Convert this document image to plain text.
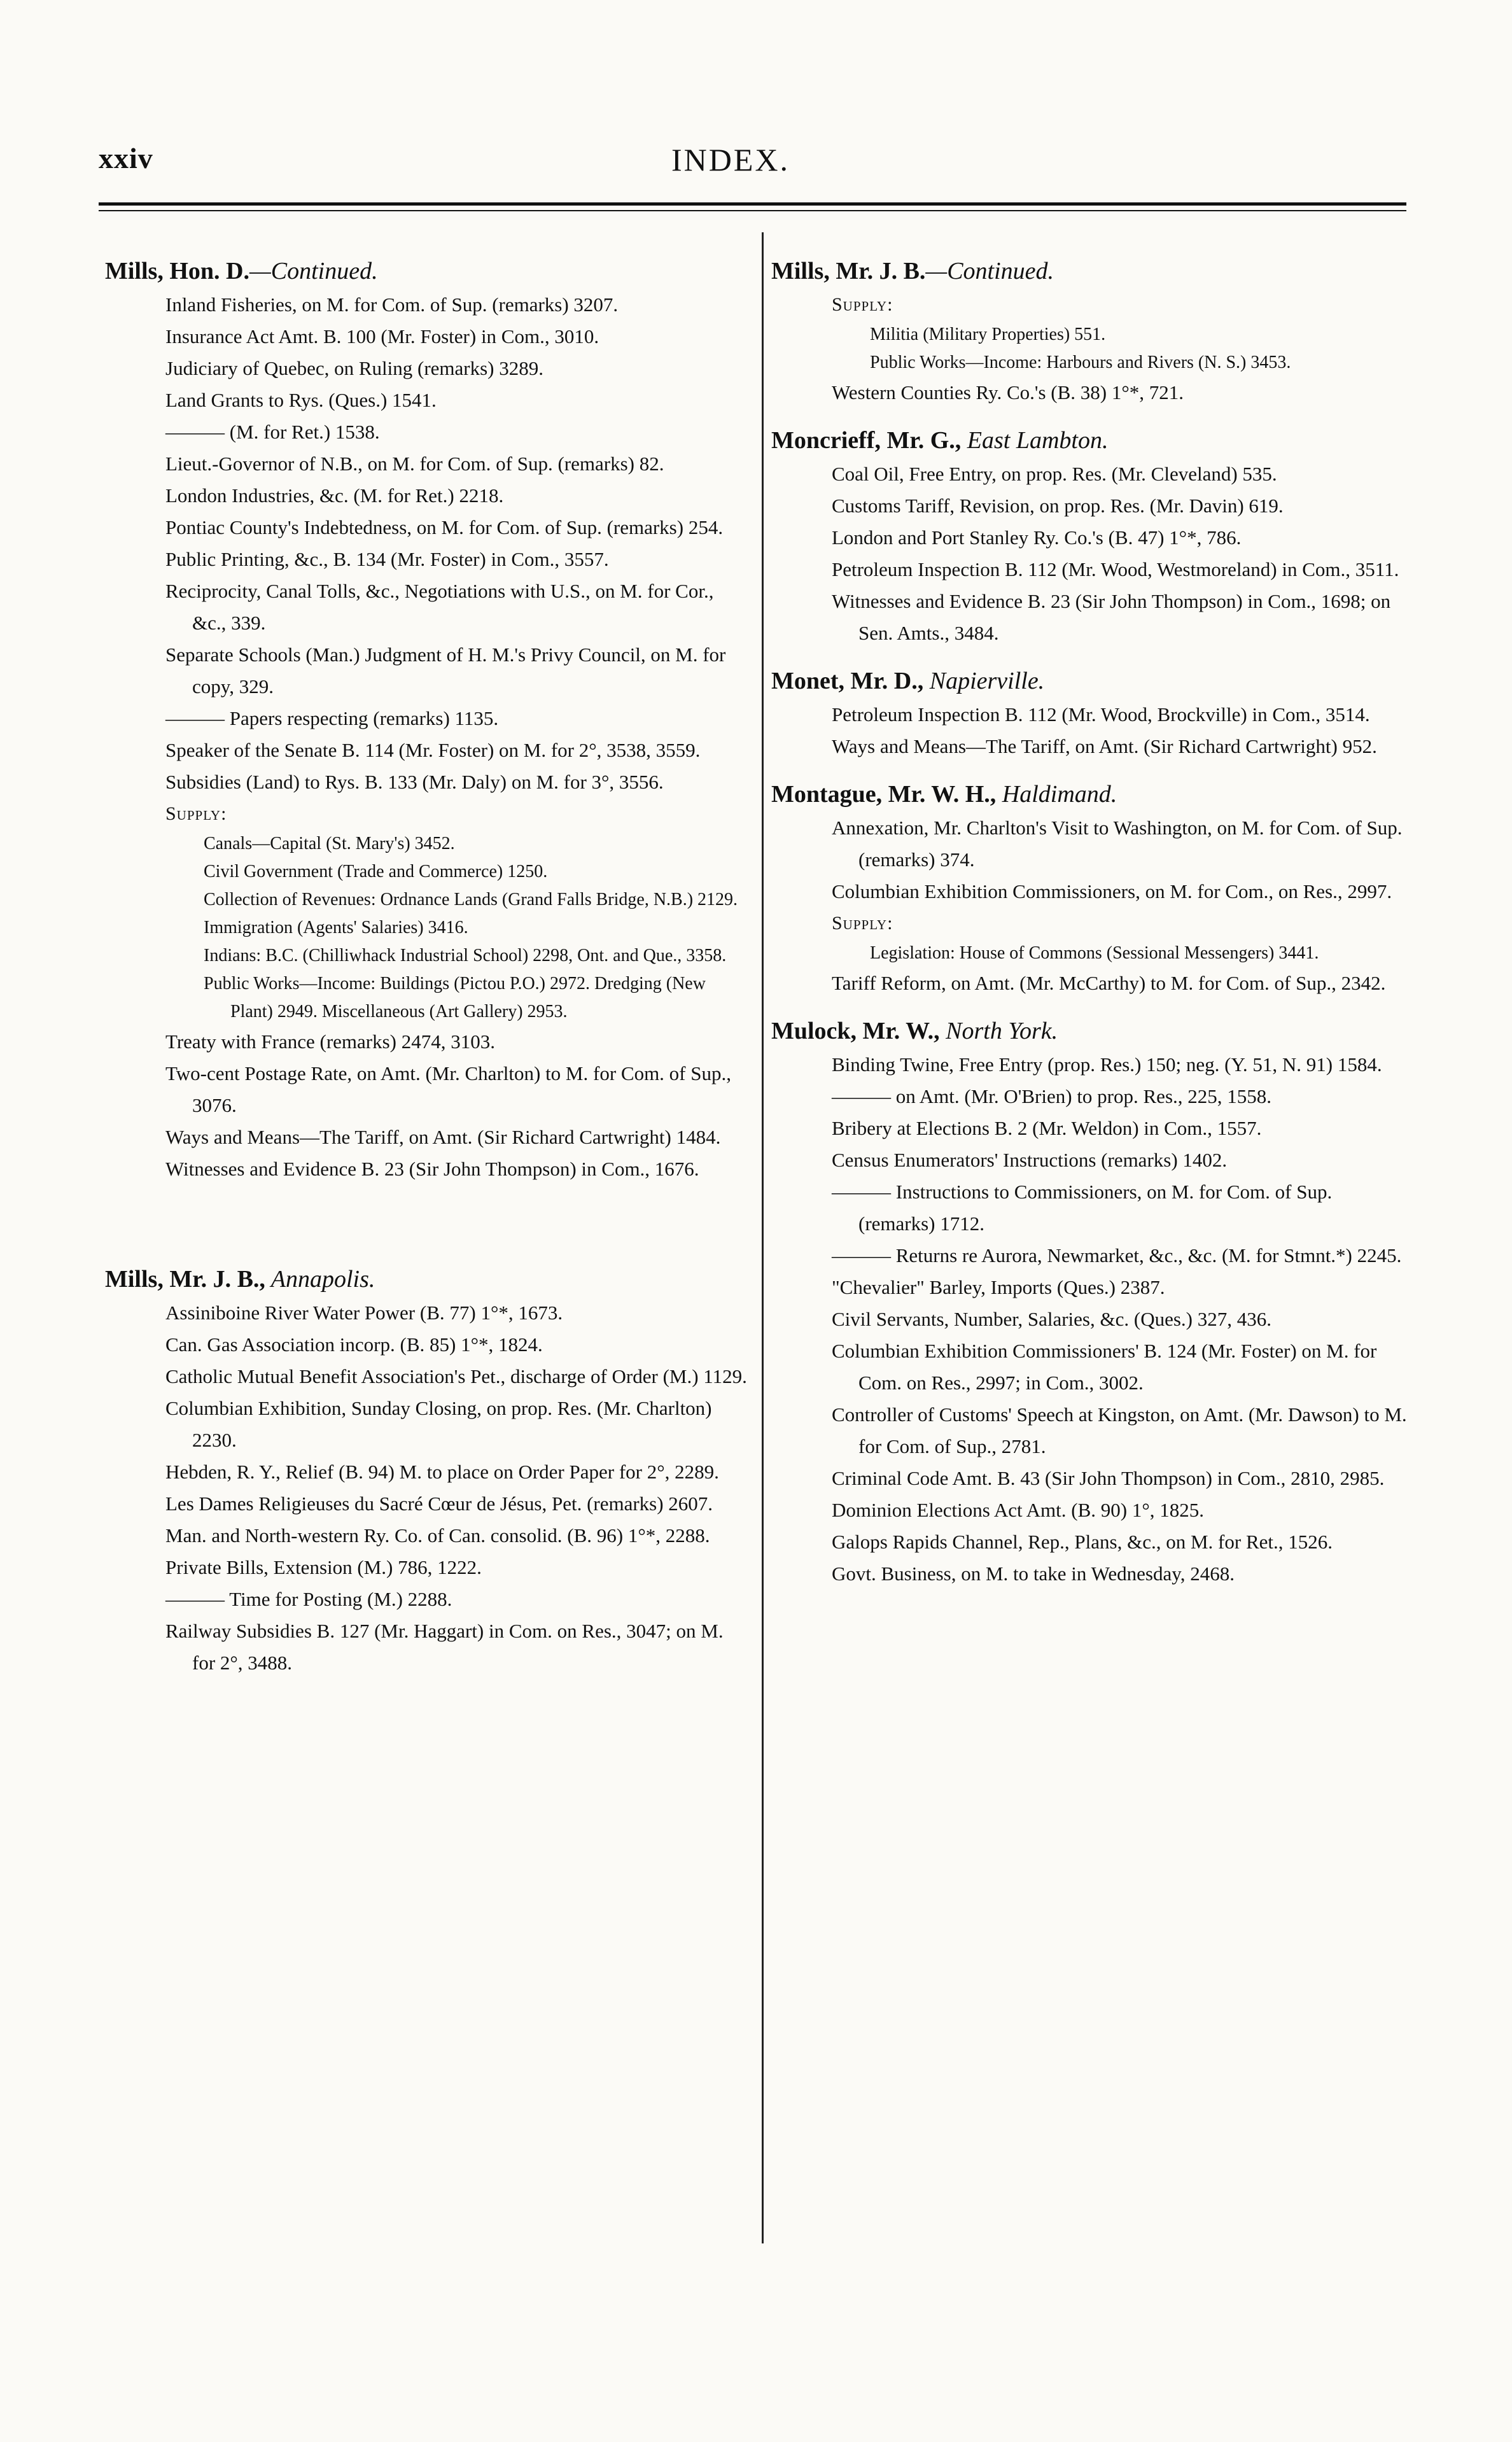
xxiv	INDEX.
Mills, Hon. D.—Continued.
Inland Fisheries, on M. for Com. of Sup. (remarks) 3207.
Insurance Act Amt. B. 100 (Mr. Foster) in Com., 3010.
Judiciary of Quebec, on Ruling (remarks) 3289.
Land Grants to Rys. (Ques.) 1541.
——— (M. for Ret.) 1538.
Lieut.-Governor of N.B., on M. for Com. of Sup. (remarks) 82.
London Industries, &c. (M. for Ret.) 2218.
Pontiac County's Indebtedness, on M. for Com. of Sup. (remarks) 254.
Public Printing, &c., B. 134 (Mr. Foster) in Com., 3557.
Reciprocity, Canal Tolls, &c., Negotiations with U.S., on M. for Cor., &c., 339.
Separate Schools (Man.) Judgment of H. M.'s Privy Council, on M. for copy, 329.
——— Papers respecting (remarks) 1135.
Speaker of the Senate B. 114 (Mr. Foster) on M. for 2°, 3538, 3559.
Subsidies (Land) to Rys. B. 133 (Mr. Daly) on M. for 3°, 3556.
Supply:
Canals—Capital (St. Mary's) 3452.
Civil Government (Trade and Commerce) 1250.
Collection of Revenues: Ordnance Lands (Grand Falls Bridge, N.B.) 2129.
Immigration (Agents' Salaries) 3416.
Indians: B.C. (Chilliwhack Industrial School) 2298, Ont. and Que., 3358.
Public Works—Income: Buildings (Pictou P.O.) 2972. Dredging (New Plant) 2949. Miscellaneous (Art Gallery) 2953.
Treaty with France (remarks) 2474, 3103.
Two-cent Postage Rate, on Amt. (Mr. Charlton) to M. for Com. of Sup., 3076.
Ways and Means—The Tariff, on Amt. (Sir Richard Cartwright) 1484.
Witnesses and Evidence B. 23 (Sir John Thompson) in Com., 1676.
Mills, Mr. J. B., Annapolis.
Assiniboine River Water Power (B. 77) 1°*, 1673.
Can. Gas Association incorp. (B. 85) 1°*, 1824.
Catholic Mutual Benefit Association's Pet., discharge of Order (M.) 1129.
Columbian Exhibition, Sunday Closing, on prop. Res. (Mr. Charlton) 2230.
Hebden, R. Y., Relief (B. 94) M. to place on Order Paper for 2°, 2289.
Les Dames Religieuses du Sacré Cœur de Jésus, Pet. (remarks) 2607.
Man. and North-western Ry. Co. of Can. consolid. (B. 96) 1°*, 2288.
Private Bills, Extension (M.) 786, 1222.
——— Time for Posting (M.) 2288.
Railway Subsidies B. 127 (Mr. Haggart) in Com. on Res., 3047; on M. for 2°, 3488.
Mills, Mr. J. B.—Continued.
Supply:
Militia (Military Properties) 551.
Public Works—Income: Harbours and Rivers (N. S.) 3453.
Western Counties Ry. Co.'s (B. 38) 1°*, 721.
Moncrieff, Mr. G., East Lambton.
Coal Oil, Free Entry, on prop. Res. (Mr. Cleveland) 535.
Customs Tariff, Revision, on prop. Res. (Mr. Davin) 619.
London and Port Stanley Ry. Co.'s (B. 47) 1°*, 786.
Petroleum Inspection B. 112 (Mr. Wood, Westmoreland) in Com., 3511.
Witnesses and Evidence B. 23 (Sir John Thompson) in Com., 1698; on Sen. Amts., 3484.
Monet, Mr. D., Napierville.
Petroleum Inspection B. 112 (Mr. Wood, Brockville) in Com., 3514.
Ways and Means—The Tariff, on Amt. (Sir Richard Cartwright) 952.
Montague, Mr. W. H., Haldimand.
Annexation, Mr. Charlton's Visit to Washington, on M. for Com. of Sup. (remarks) 374.
Columbian Exhibition Commissioners, on M. for Com., on Res., 2997.
Supply:
Legislation: House of Commons (Sessional Messengers) 3441.
Tariff Reform, on Amt. (Mr. McCarthy) to M. for Com. of Sup., 2342.
Mulock, Mr. W., North York.
Binding Twine, Free Entry (prop. Res.) 150; neg. (Y. 51, N. 91) 1584.
——— on Amt. (Mr. O'Brien) to prop. Res., 225, 1558.
Bribery at Elections B. 2 (Mr. Weldon) in Com., 1557.
Census Enumerators' Instructions (remarks) 1402.
——— Instructions to Commissioners, on M. for Com. of Sup. (remarks) 1712.
——— Returns re Aurora, Newmarket, &c., &c. (M. for Stmnt.*) 2245.
"Chevalier" Barley, Imports (Ques.) 2387.
Civil Servants, Number, Salaries, &c. (Ques.) 327, 436.
Columbian Exhibition Commissioners' B. 124 (Mr. Foster) on M. for Com. on Res., 2997; in Com., 3002.
Controller of Customs' Speech at Kingston, on Amt. (Mr. Dawson) to M. for Com. of Sup., 2781.
Criminal Code Amt. B. 43 (Sir John Thompson) in Com., 2810, 2985.
Dominion Elections Act Amt. (B. 90) 1°, 1825.
Galops Rapids Channel, Rep., Plans, &c., on M. for Ret., 1526.
Govt. Business, on M. to take in Wednesday, 2468.
